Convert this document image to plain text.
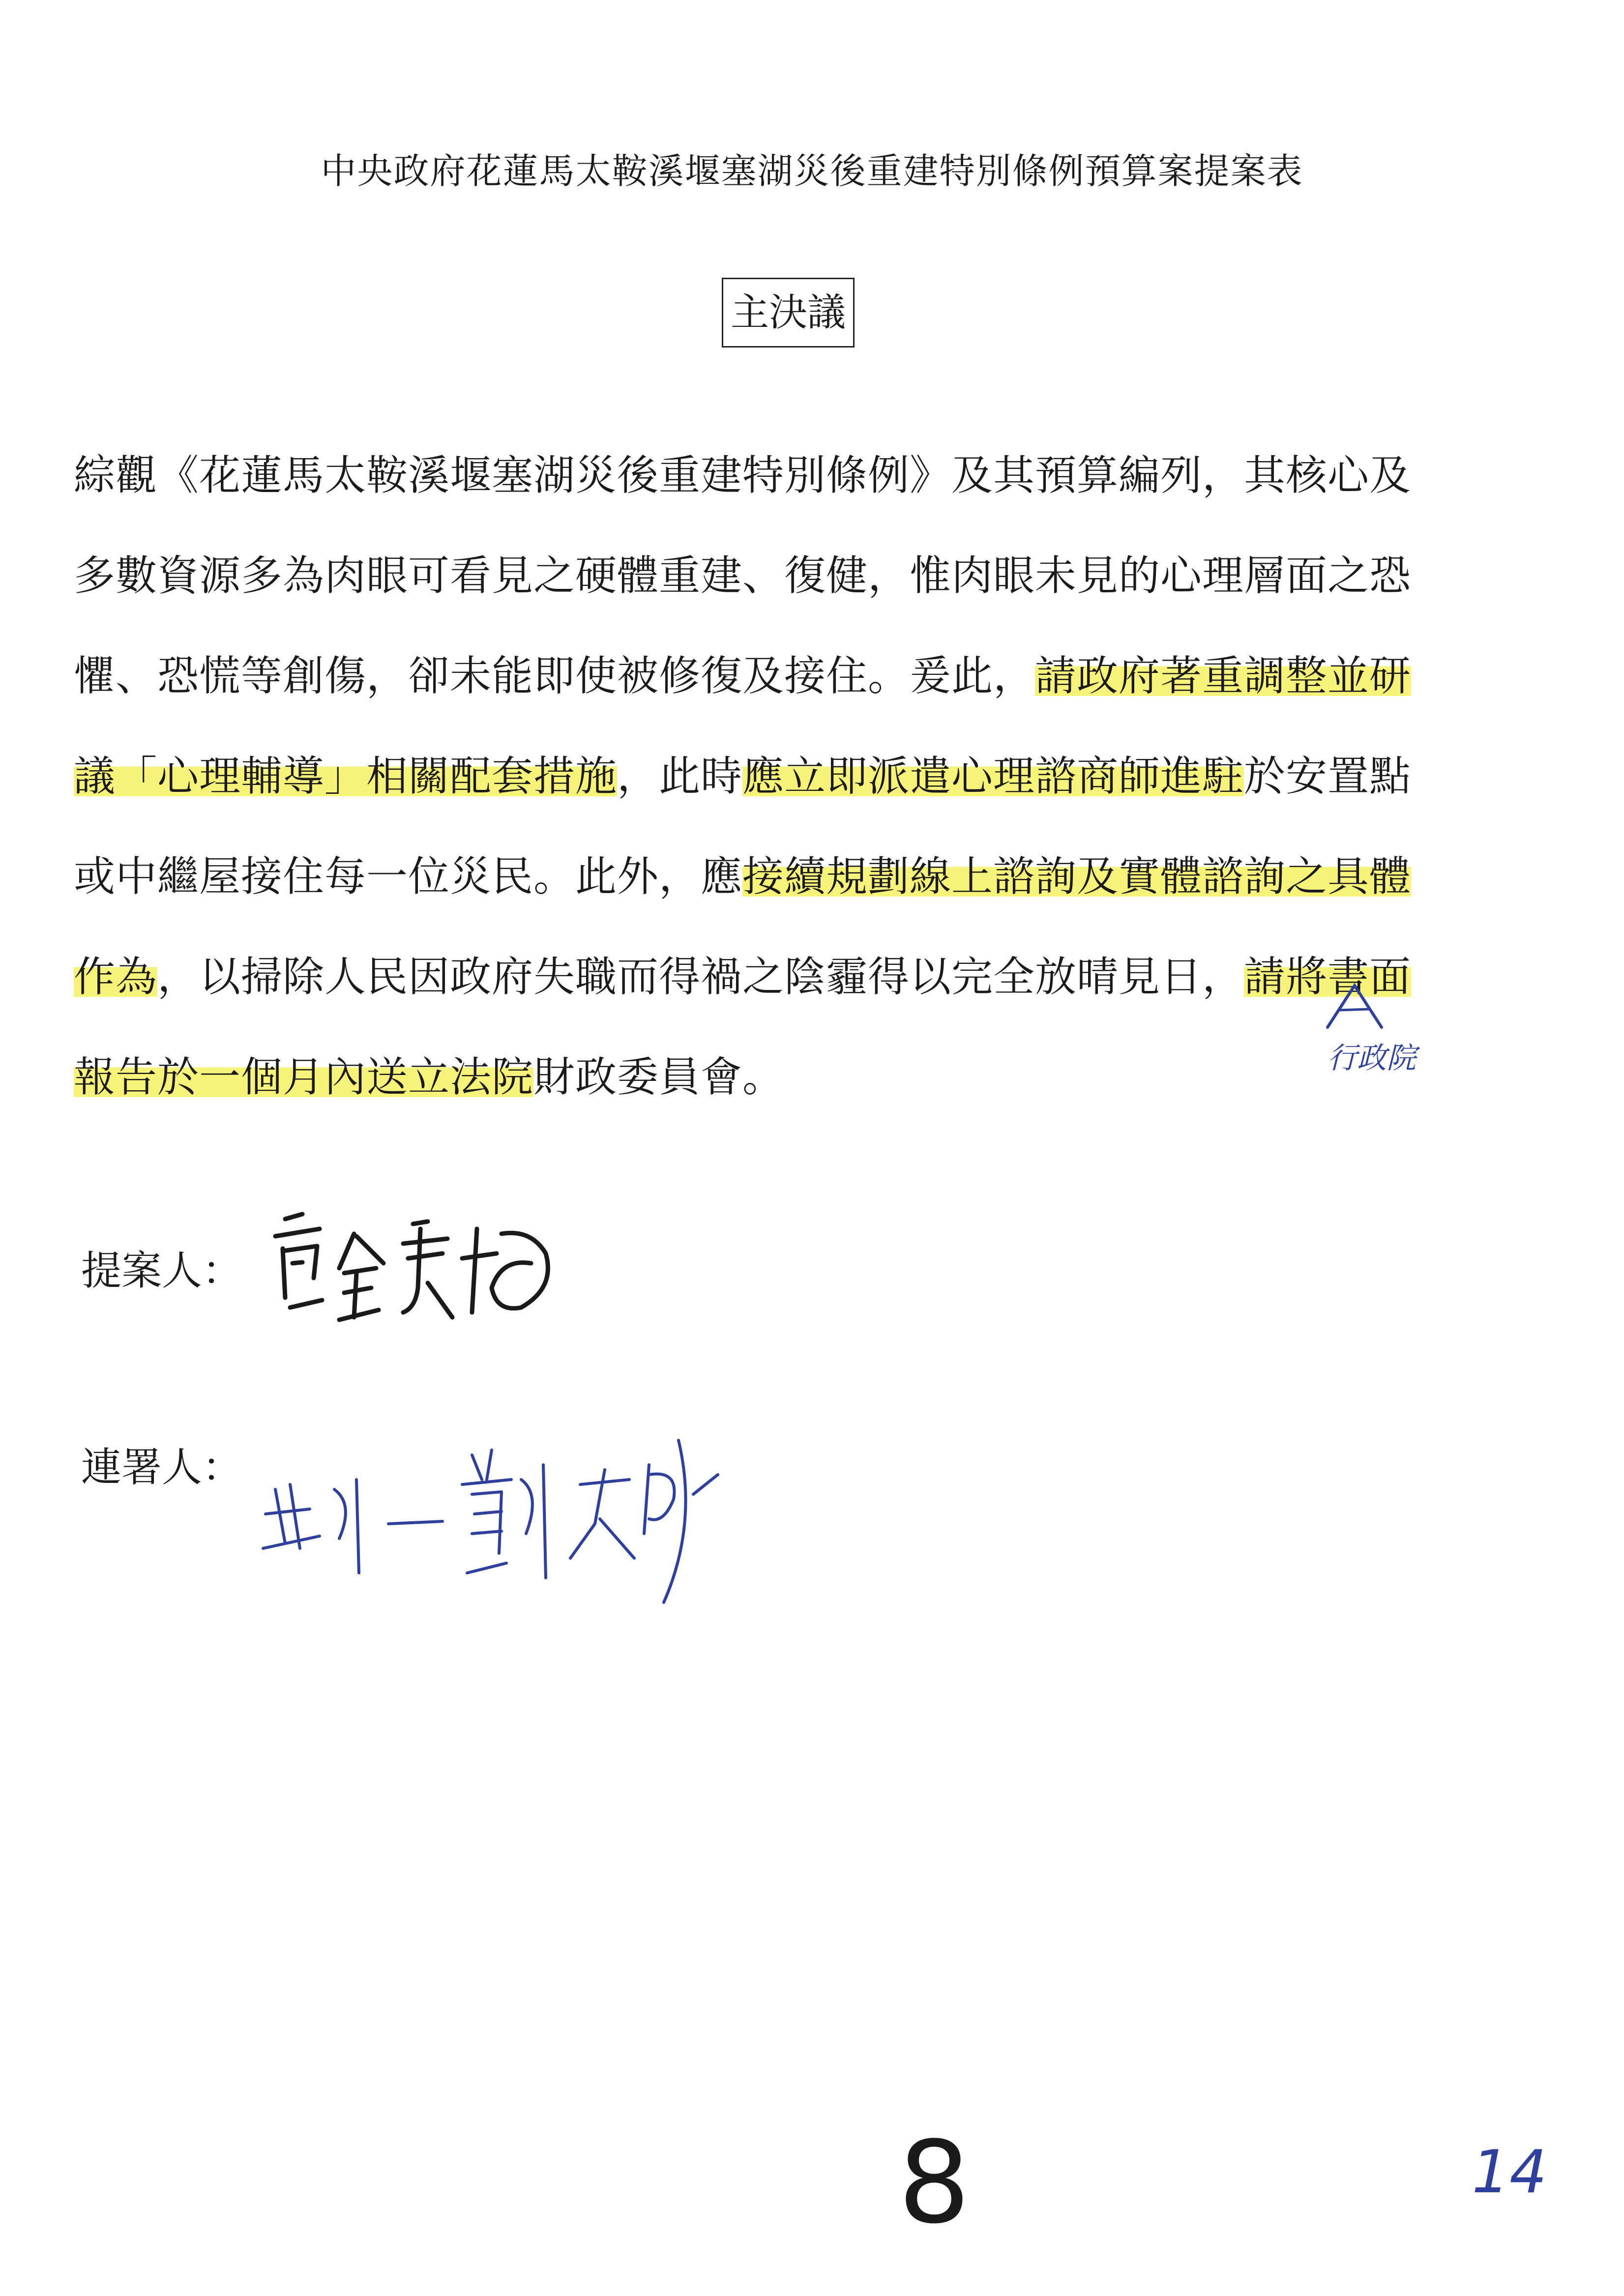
中央政府花蓮馬太鞍溪堰塞湖災後重建特別條例預算案提案表
主決議
綜觀《花蓮馬太鞍溪堰塞湖災後重建特別條例》及其預算編列，其核心及
多數資源多為肉眼可看見之硬體重建、復健，惟肉眼未見的心理層面之恐
懼、恐慌等創傷，卻未能即使被修復及接住。爰此，請政府著重調整並研
議「心理輔導」相關配套措施，此時應立即派遣心理諮商師進駐於安置點
或中繼屋接住每一位災民。此外，應接續規劃線上諮詢及實體諮詢之具體
作為，以掃除人民因政府失職而得禍之陰霾得以完全放晴見日，請將書面
報告於一個月內送立法院財政委員會。	行政院
提案人：
連署人：
8	14
